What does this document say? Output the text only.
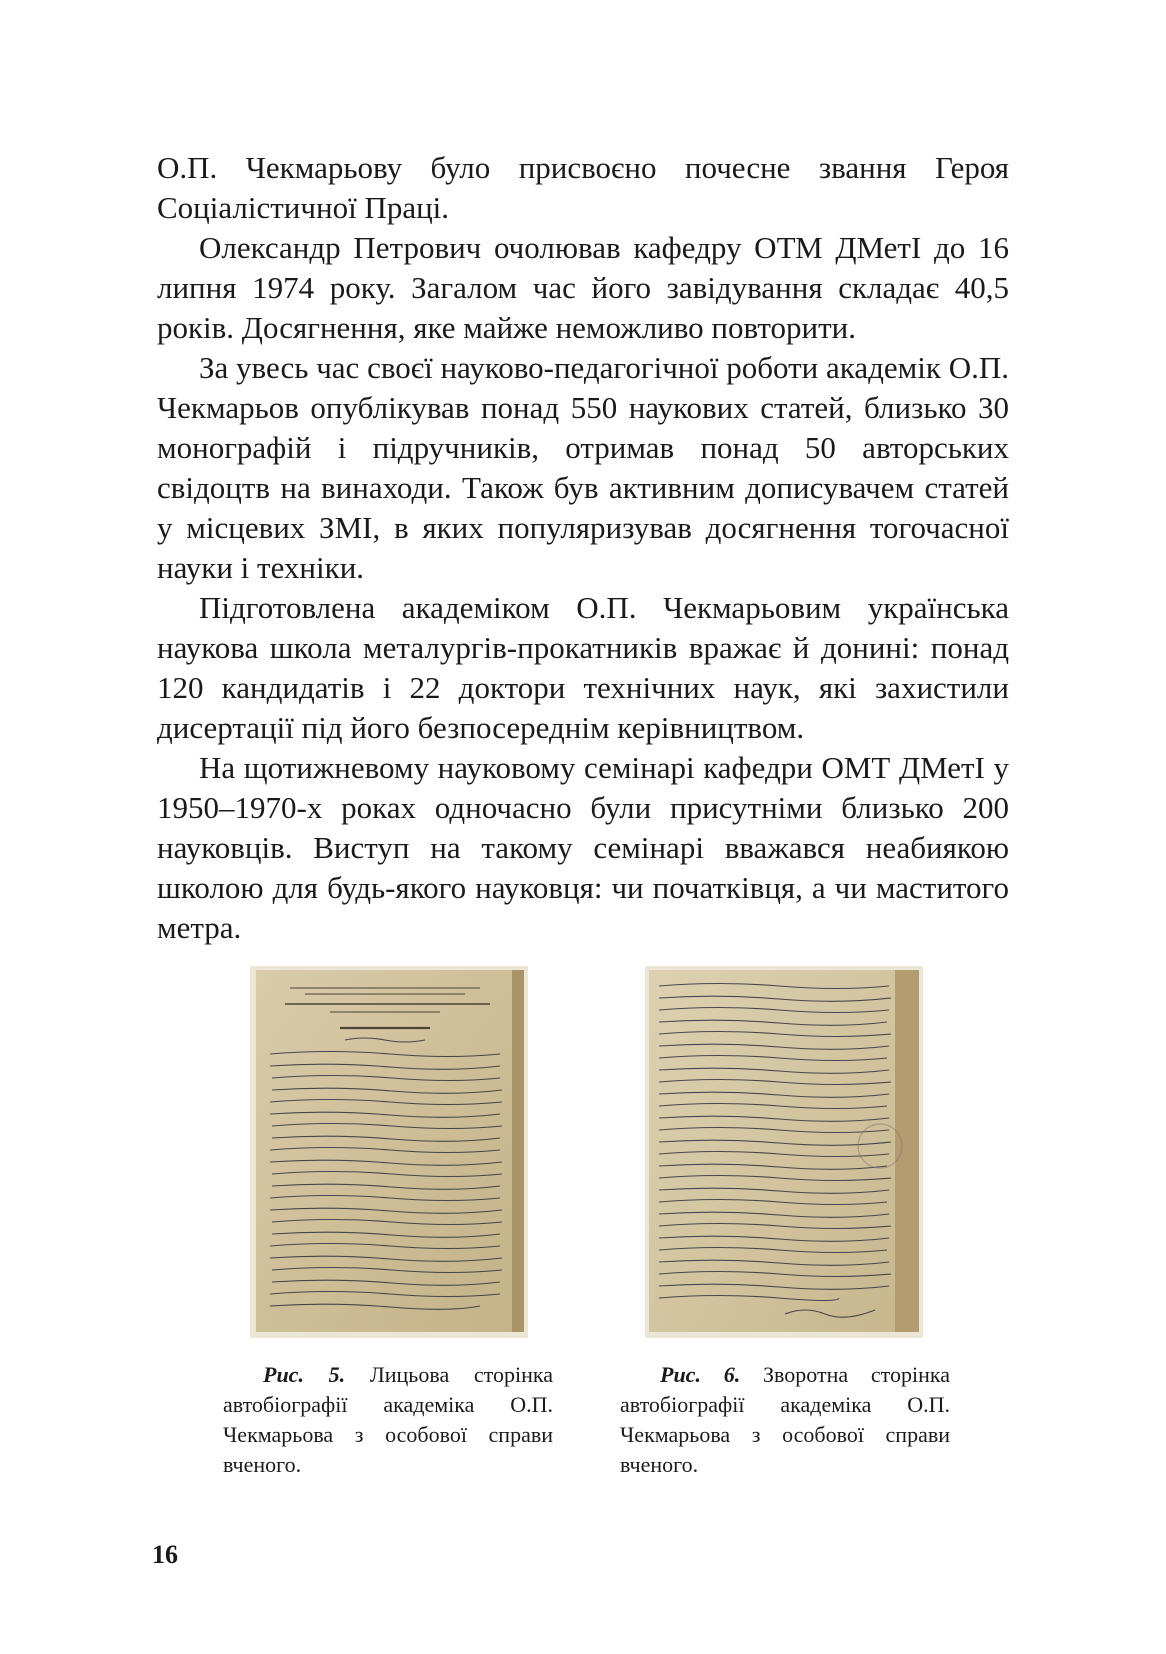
О.П. Чекмарьову було присвоєно почесне звання Героя Соціалістичної Праці.

Олександр Петрович очолював кафедру ОТМ ДМетІ до 16 липня 1974 року. Загалом час його завідування складає 40,5 років. Досягнення, яке майже неможливо повторити.

За увесь час своєї науково-педагогічної роботи академік О.П. Чекмарьов опублікував понад 550 наукових статей, близько 30 монографій і підручників, отримав понад 50 авторських свідоцтв на винаходи. Також був активним дописувачем статей у місцевих ЗМІ, в яких популяризував досягнення тогочасної науки і техніки.

Підготовлена академіком О.П. Чекмарьовим українська наукова школа металургів-прокатників вражає й донині: понад 120 кандидатів і 22 доктори технічних наук, які захистили дисертації під його безпосереднім керівництвом.

На щотижневому науковому семінарі кафедри ОМТ ДМетІ у 1950–1970-х роках одночасно були присутніми близько 200 науковців. Виступ на такому семінарі вважався неабиякою школою для будь-якого науковця: чи початківця, а чи маститого метра.

Рис. 5. Лицьова сторінка автобіографії академіка О.П. Чекмарьова з особової справи вченого.
Рис. 6. Зворотна сторінка автобіографії академіка О.П. Чекмарьова з особової справи вченого.
16
